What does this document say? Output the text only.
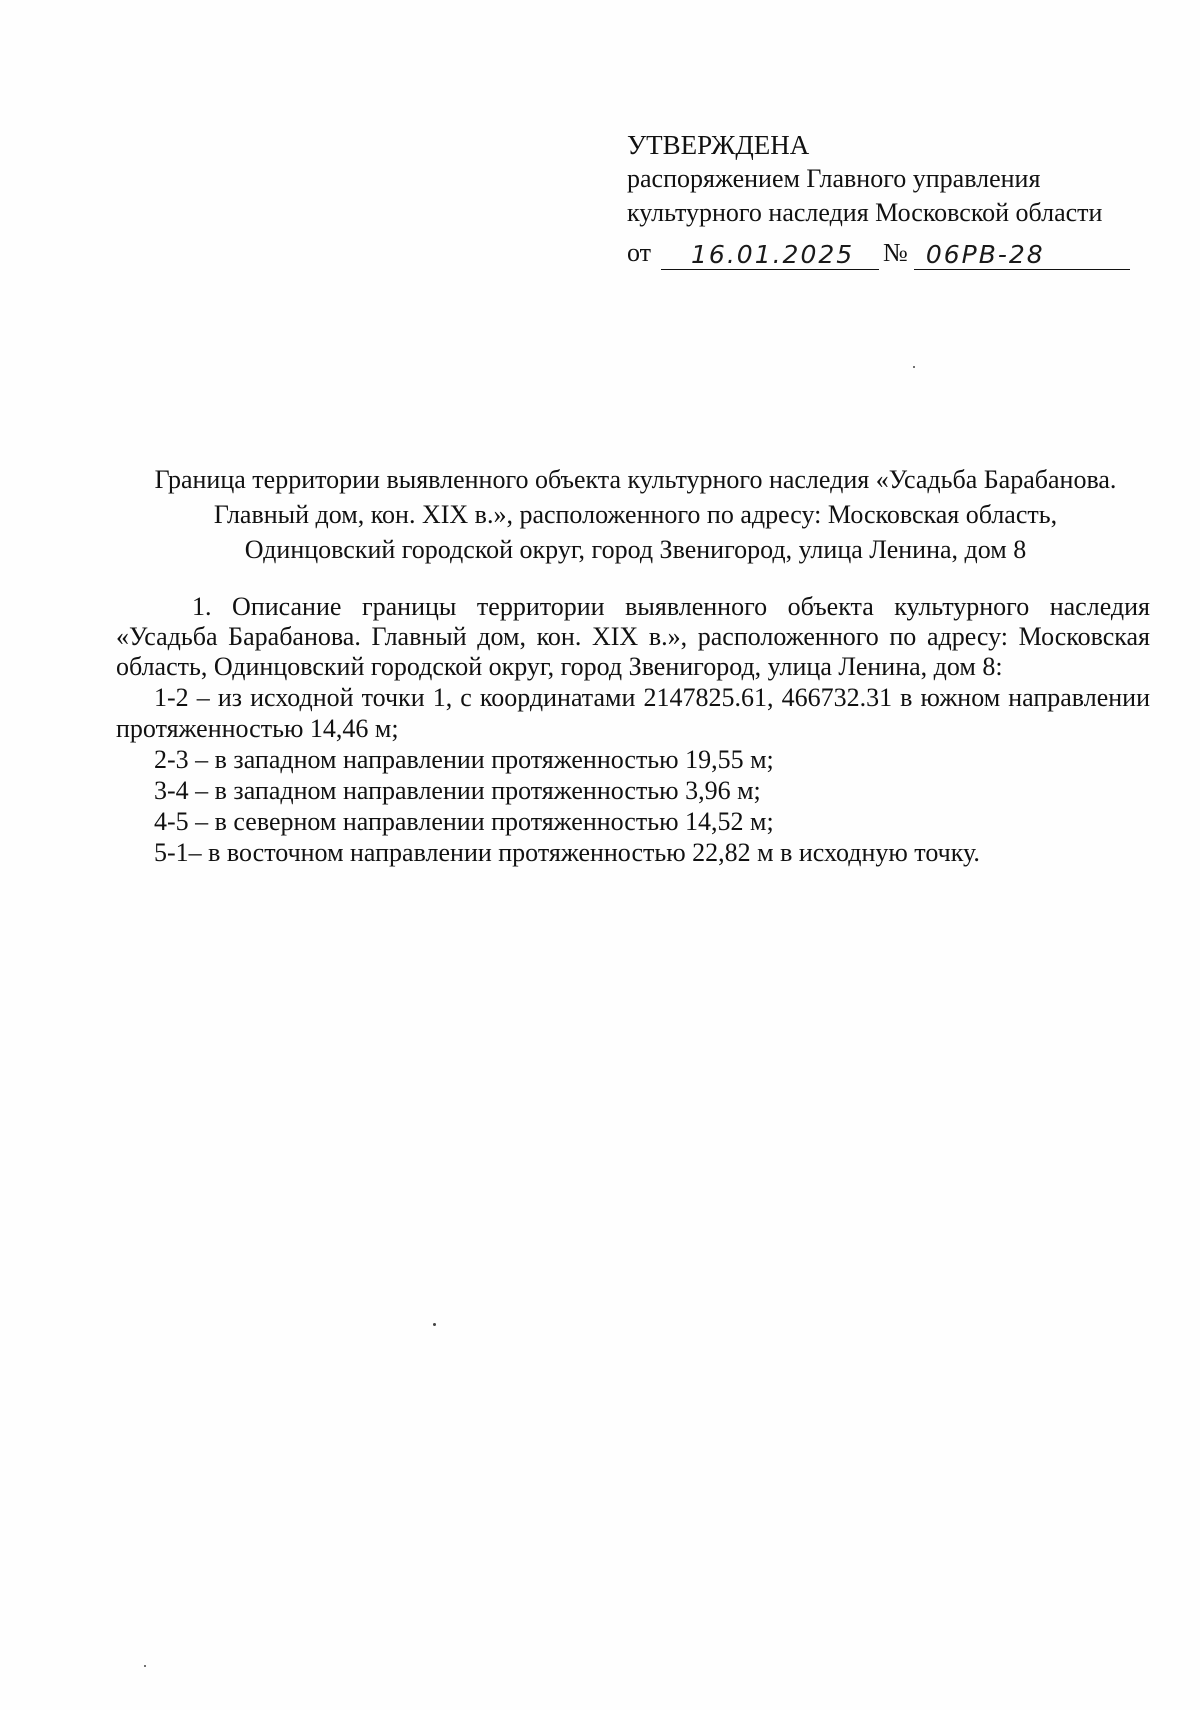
УТВЕРЖДЕНА
распоряжением Главного управления
культурного наследия Московской области
от	16.01.2025	№ 06РВ-28
Граница территории выявленного объекта культурного наследия «Усадьба Барабанова. Главный дом, кон. XIX в.», расположенного по адресу: Московская область, Одинцовский городской округ, город Звенигород, улица Ленина, дом 8

1. Описание границы территории выявленного объекта культурного наследия «Усадьба Барабанова. Главный дом, кон. XIX в.», расположенного по адресу: Московская область, Одинцовский городской округ, город Звенигород, улица Ленина, дом 8:

1-2 – из исходной точки 1, с координатами 2147825.61, 466732.31 в южном направлении протяженностью 14,46 м;

2-3 – в западном направлении протяженностью 19,55 м;

3-4 – в западном направлении протяженностью 3,96 м;

4-5 – в северном направлении протяженностью 14,52 м;

5-1– в восточном направлении протяженностью 22,82 м в исходную точку.
